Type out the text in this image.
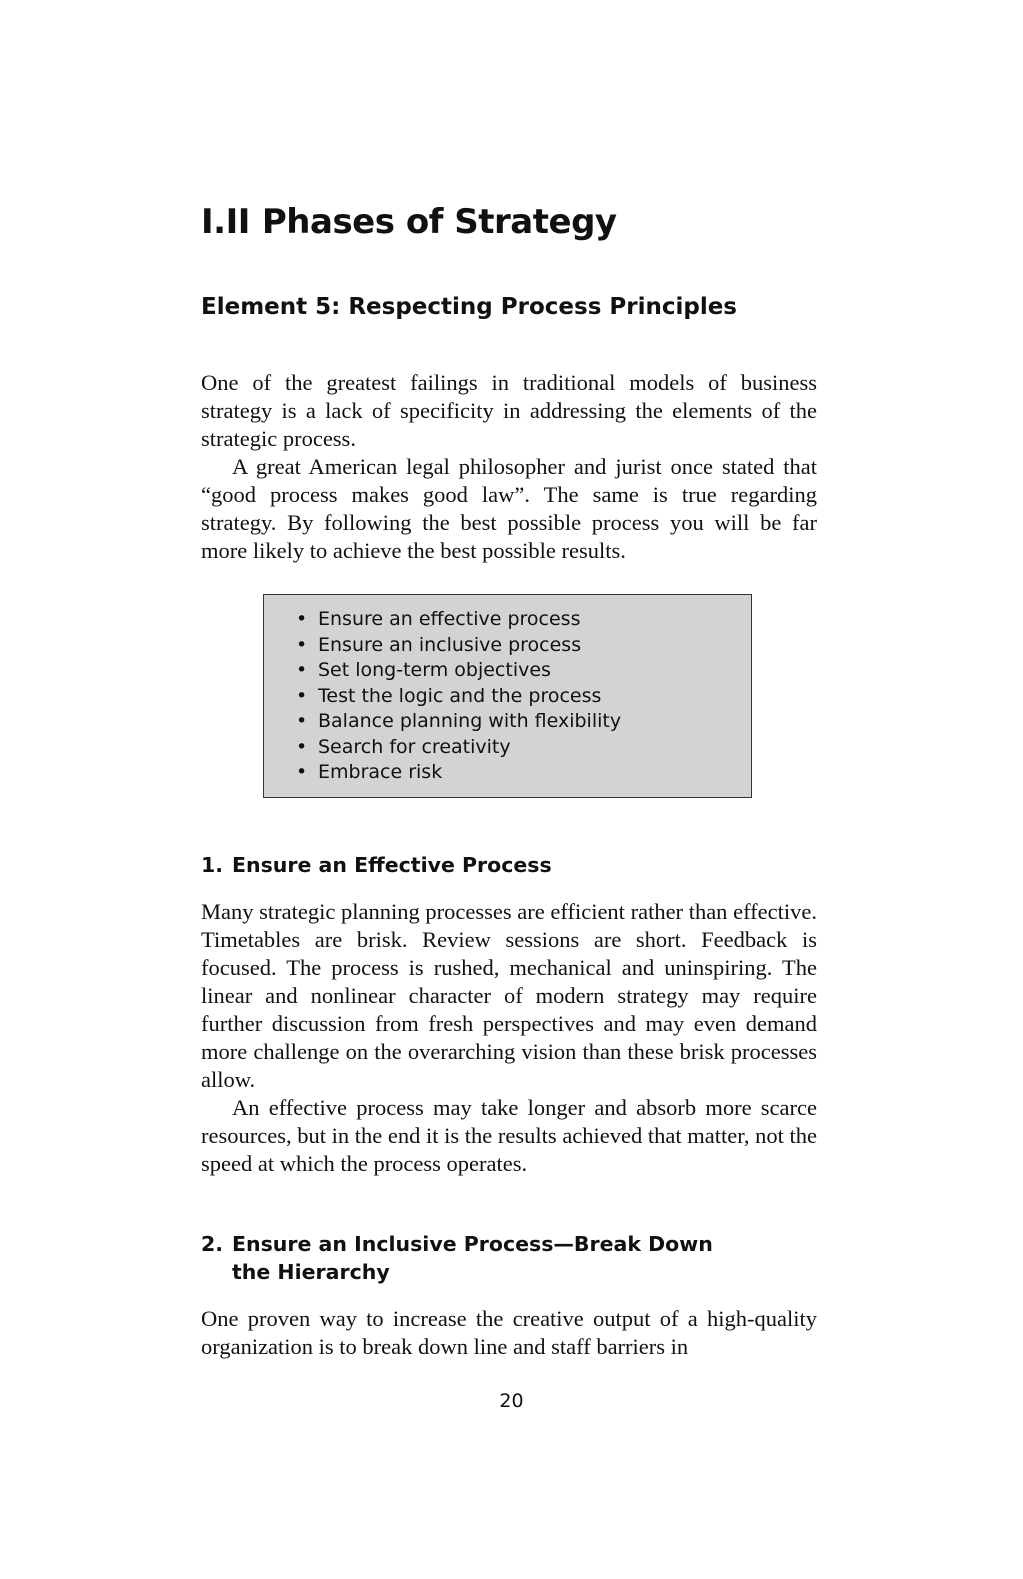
I.II Phases of Strategy
Element 5: Respecting Process Principles

One of the greatest failings in traditional models of business strategy is a lack of specificity in addressing the elements of the strategic process.

A great American legal philosopher and jurist once stated that “good process makes good law”. The same is true regarding strategy. By following the best possible process you will be far more likely to achieve the best possible results.

• Ensure an effective process
• Ensure an inclusive process
• Set long-term objectives
• Test the logic and the process
• Balance planning with flexibility
• Search for creativity
• Embrace risk
1. Ensure an Effective Process

Many strategic planning processes are efficient rather than effective. Timetables are brisk. Review sessions are short. Feedback is focused. The process is rushed, mechanical and uninspiring. The linear and nonlinear character of modern strategy may require further discussion from fresh perspectives and may even demand more challenge on the overarching vision than these brisk processes allow.

An effective process may take longer and absorb more scarce resources, but in the end it is the results achieved that matter, not the speed at which the process operates.

2. Ensure an Inclusive Process—Break Down
the Hierarchy

One proven way to increase the creative output of a high-quality organization is to break down line and staff barriers in

20
